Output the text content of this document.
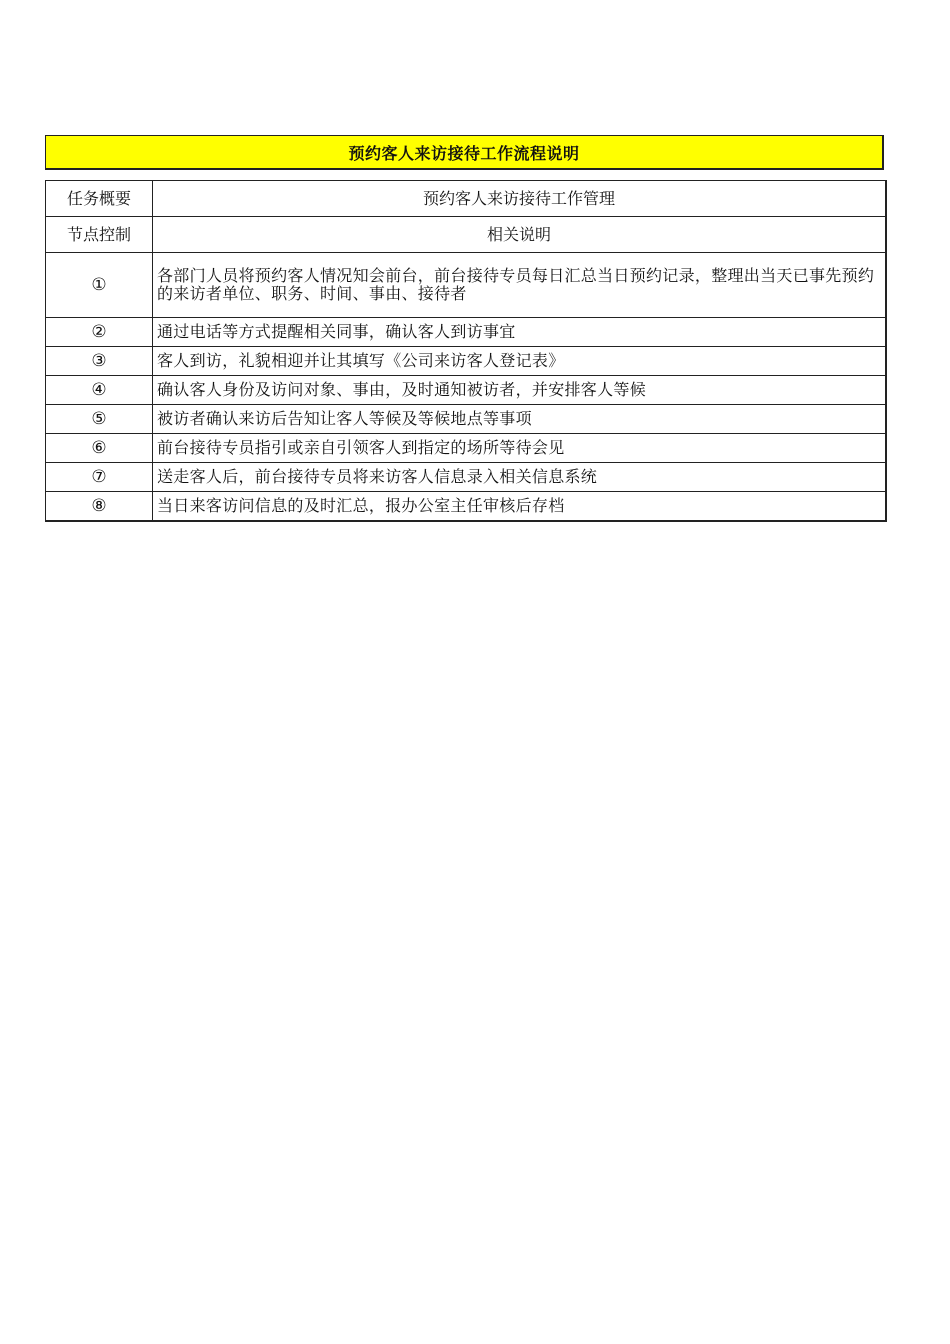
预约客人来访接待工作流程说明
任务概要	预约客人来访接待工作管理
节点控制	相关说明
①	各部门人员将预约客人情况知会前台，前台接待专员每日汇总当日预约记录，整理出当天已事先预约的来访者单位、职务、时间、事由、接待者
②	通过电话等方式提醒相关同事，确认客人到访事宜
③	客人到访，礼貌相迎并让其填写《公司来访客人登记表》
④	确认客人身份及访问对象、事由，及时通知被访者，并安排客人等候
⑤	被访者确认来访后告知让客人等候及等候地点等事项
⑥	前台接待专员指引或亲自引领客人到指定的场所等待会见
⑦	送走客人后，前台接待专员将来访客人信息录入相关信息系统
⑧	当日来客访问信息的及时汇总，报办公室主任审核后存档
